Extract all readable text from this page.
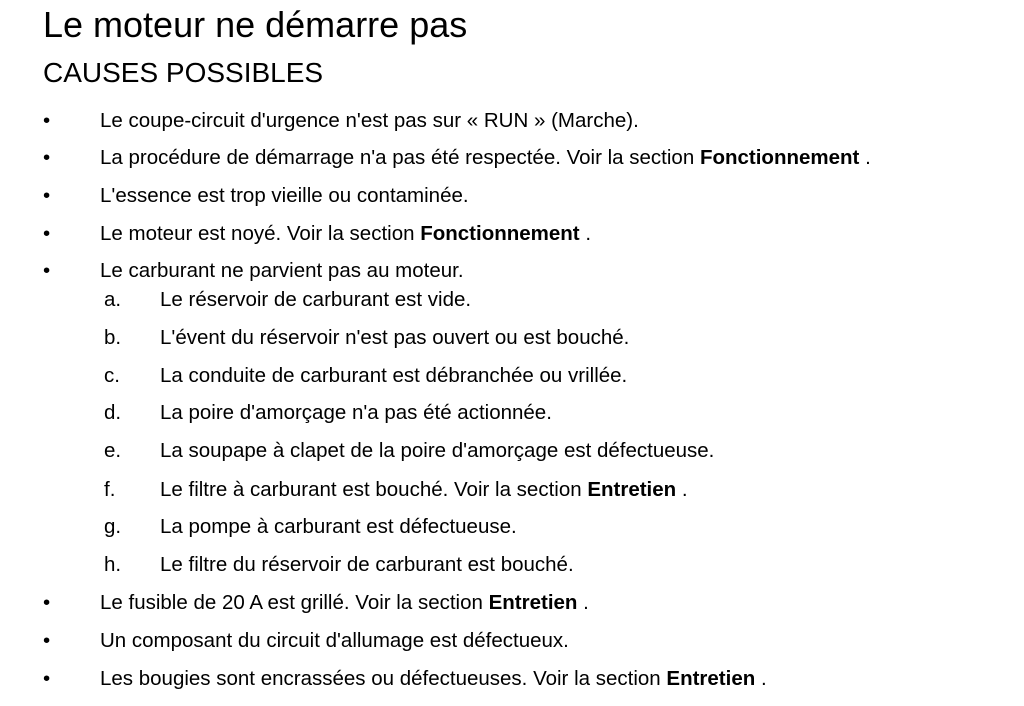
Le moteur ne démarre pas
CAUSES POSSIBLES
•	Le coupe-circuit d'urgence n'est pas sur « RUN » (Marche).
•	La procédure de démarrage n'a pas été respectée. Voir la section Fonctionnement .
•	L'essence est trop vieille ou contaminée.
•	Le moteur est noyé. Voir la section Fonctionnement .
•	Le carburant ne parvient pas au moteur.
a.	Le réservoir de carburant est vide.
b.	L'évent du réservoir n'est pas ouvert ou est bouché.
c.	La conduite de carburant est débranchée ou vrillée.
d.	La poire d'amorçage n'a pas été actionnée.
e.	La soupape à clapet de la poire d'amorçage est défectueuse.
f.	Le filtre à carburant est bouché. Voir la section Entretien .
g.	La pompe à carburant est défectueuse.
h.	Le filtre du réservoir de carburant est bouché.
•	Le fusible de 20 A est grillé. Voir la section Entretien .
•	Un composant du circuit d'allumage est défectueux.
•	Les bougies sont encrassées ou défectueuses. Voir la section Entretien .
